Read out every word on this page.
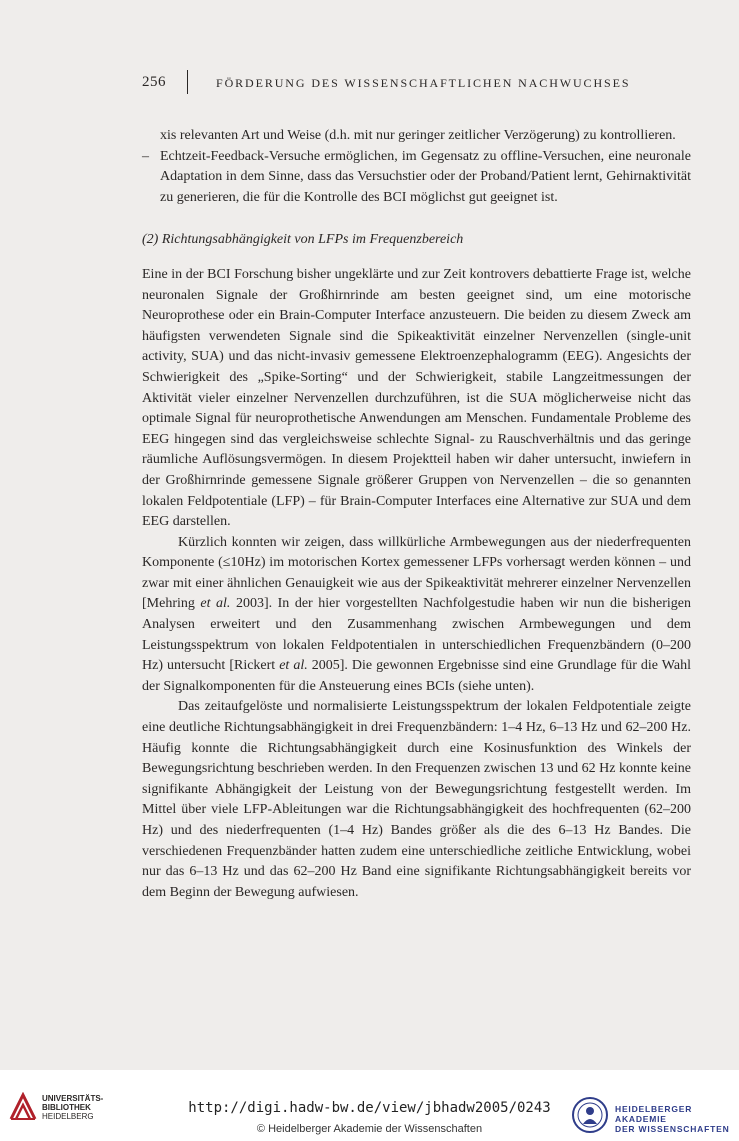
256	FÖRDERUNG DES WISSENSCHAFTLICHEN NACHWUCHSES

xis relevanten Art und Weise (d.h. mit nur geringer zeitlicher Verzögerung) zu kontrollieren.

– Echtzeit-Feedback-Versuche ermöglichen, im Gegensatz zu offline-Versuchen, eine neuronale Adaptation in dem Sinne, dass das Versuchstier oder der Proband/Patient lernt, Gehirnaktivität zu generieren, die für die Kontrolle des BCI möglichst gut geeignet ist.

(2) Richtungsabhängigkeit von LFPs im Frequenzbereich

Eine in der BCI Forschung bisher ungeklärte und zur Zeit kontrovers debattierte Frage ist, welche neuronalen Signale der Großhirnrinde am besten geeignet sind, um eine motorische Neuroprothese oder ein Brain-Computer Interface anzusteuern. Die beiden zu diesem Zweck am häufigsten verwendeten Signale sind die Spikeaktivität einzelner Nervenzellen (single-unit activity, SUA) und das nicht-invasiv gemessene Elektroenzephalogramm (EEG). Angesichts der Schwierigkeit des „Spike-Sorting“ und der Schwierigkeit, stabile Langzeitmessungen der Aktivität vieler einzelner Nervenzellen durchzuführen, ist die SUA möglicherweise nicht das optimale Signal für neuroprothetische Anwendungen am Menschen. Fundamentale Probleme des EEG hingegen sind das vergleichsweise schlechte Signal- zu Rauschverhältnis und das geringe räumliche Auflösungsvermögen. In diesem Projektteil haben wir daher untersucht, inwiefern in der Großhirnrinde gemessene Signale größerer Gruppen von Nervenzellen – die so genannten lokalen Feldpotentiale (LFP) – für Brain-Computer Interfaces eine Alternative zur SUA und dem EEG darstellen.

Kürzlich konnten wir zeigen, dass willkürliche Armbewegungen aus der niederfrequenten Komponente (≤10Hz) im motorischen Kortex gemessener LFPs vorhersagt werden können – und zwar mit einer ähnlichen Genauigkeit wie aus der Spikeaktivität mehrerer einzelner Nervenzellen [Mehring et al. 2003]. In der hier vorgestellten Nachfolgestudie haben wir nun die bisherigen Analysen erweitert und den Zusammenhang zwischen Armbewegungen und dem Leistungsspektrum von lokalen Feldpotentialen in unterschiedlichen Frequenzbändern (0–200 Hz) untersucht [Rickert et al. 2005]. Die gewonnen Ergebnisse sind eine Grundlage für die Wahl der Signalkomponenten für die Ansteuerung eines BCIs (siehe unten).

Das zeitaufgelöste und normalisierte Leistungsspektrum der lokalen Feldpotentiale zeigte eine deutliche Richtungsabhängigkeit in drei Frequenzbändern: 1–4 Hz, 6–13 Hz und 62–200 Hz. Häufig konnte die Richtungsabhängigkeit durch eine Kosinusfunktion des Winkels der Bewegungsrichtung beschrieben werden. In den Frequenzen zwischen 13 und 62 Hz konnte keine signifikante Abhängigkeit der Leistung von der Bewegungsrichtung festgestellt werden. Im Mittel über viele LFP-Ableitungen war die Richtungsabhängigkeit des hochfrequenten (62–200 Hz) und des niederfrequenten (1–4 Hz) Bandes größer als die des 6–13 Hz Bandes. Die verschiedenen Frequenzbänder hatten zudem eine unterschiedliche zeitliche Entwicklung, wobei nur das 6–13 Hz und das 62–200 Hz Band eine signifikante Richtungsabhängigkeit bereits vor dem Beginn der Bewegung aufwiesen.

UNIVERSITÄTS-
BIBLIOTHEK
HEIDELBERG
http://digi.hadw-bw.de/view/jbhadw2005/0243
© Heidelberger Akademie der Wissenschaften
HEIDELBERGER AKADEMIE
DER WISSENSCHAFTEN
